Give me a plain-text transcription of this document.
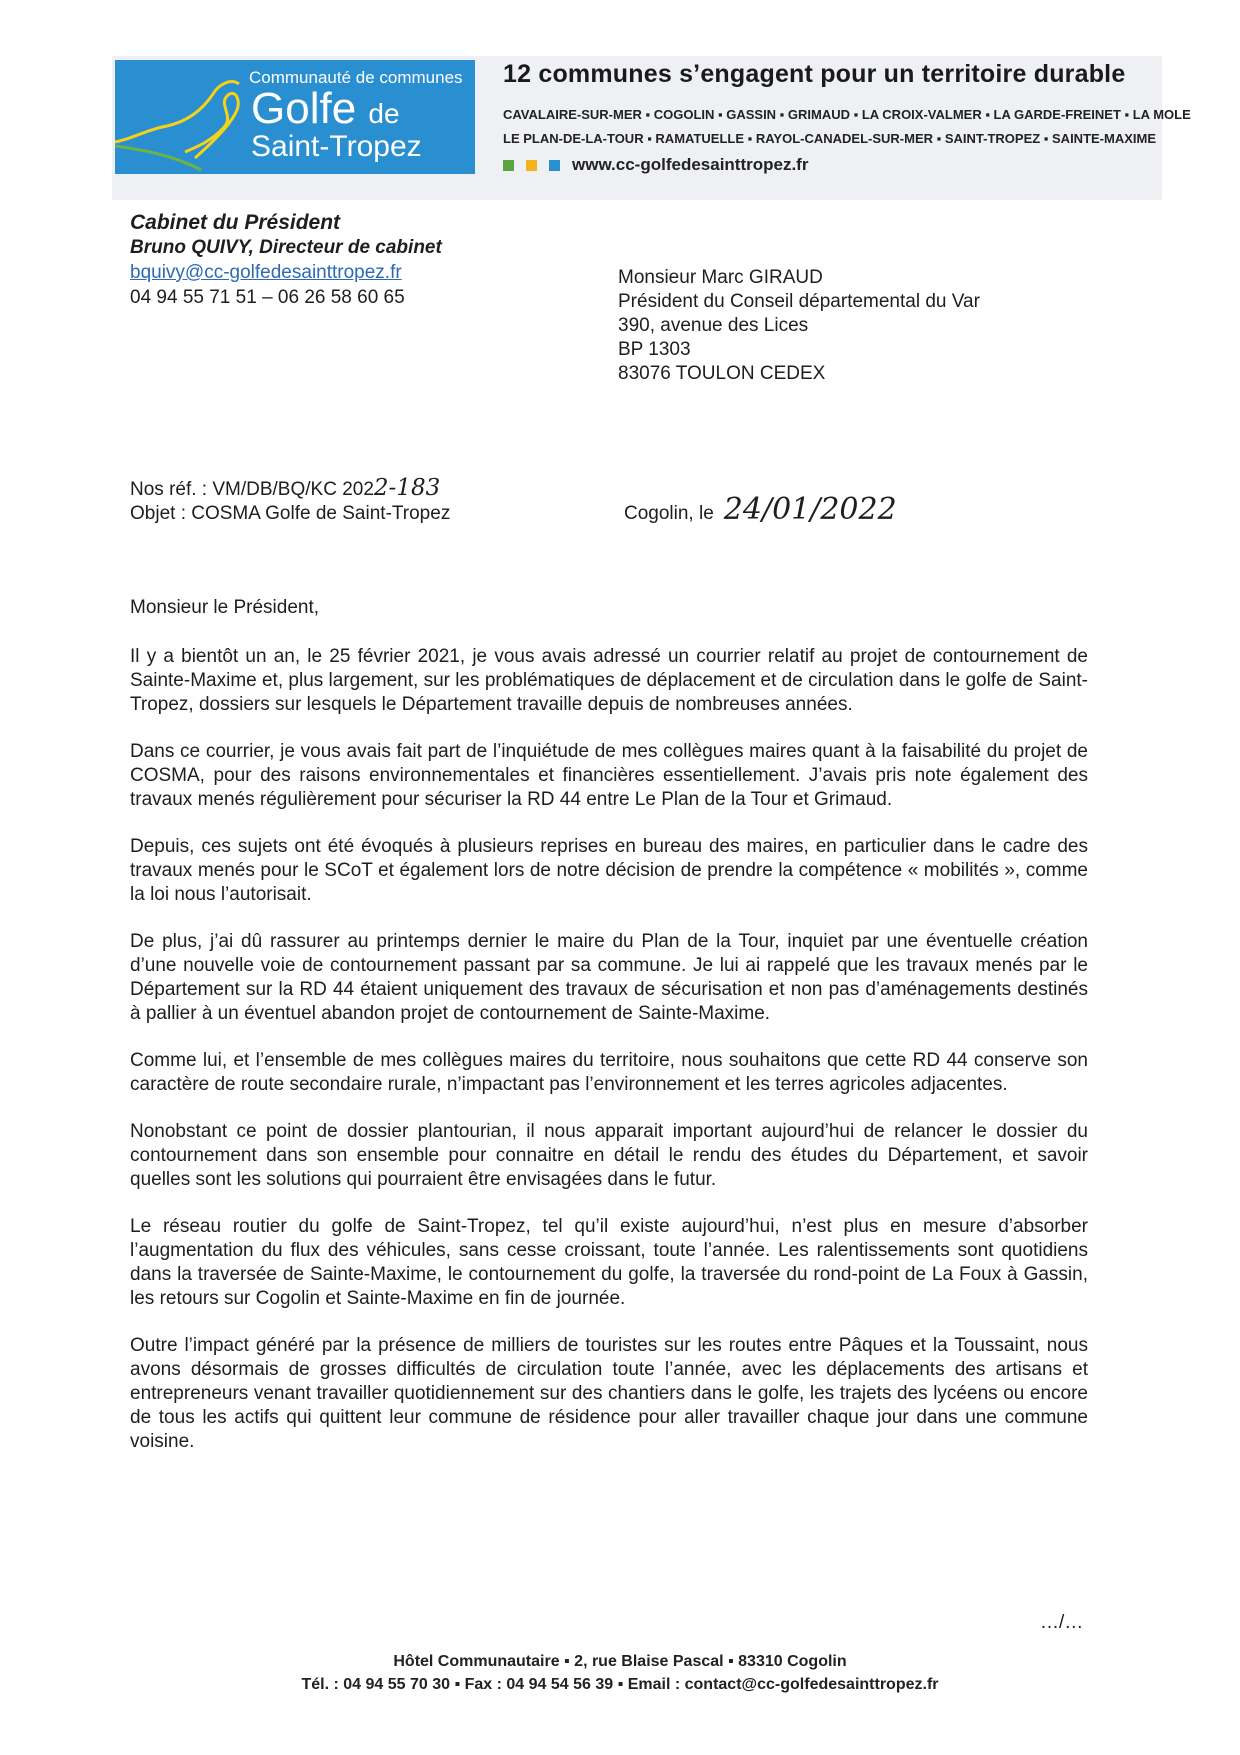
Communauté de communes
Golfe de
Saint-Tropez
12 communes s’engagent pour un territoire durable
CAVALAIRE-SUR-MER ▪ COGOLIN ▪ GASSIN ▪ GRIMAUD ▪ LA CROIX-VALMER ▪ LA GARDE-FREINET ▪ LA MOLE
LE PLAN-DE-LA-TOUR ▪ RAMATUELLE ▪ RAYOL-CANADEL-SUR-MER ▪ SAINT-TROPEZ ▪ SAINTE-MAXIME
www.cc-golfedesainttropez.fr
Cabinet du Président
Bruno QUIVY, Directeur de cabinet
bquivy@cc-golfedesainttropez.fr
04 94 55 71 51 – 06 26 58 60 65
Monsieur Marc GIRAUD
Président du Conseil départemental du Var
390, avenue des Lices
BP 1303
83076 TOULON CEDEX
Nos réf. : VM/DB/BQ/KC 2022-183
Objet : COSMA Golfe de Saint-Tropez	Cogolin, le 24/01/2022
Monsieur le Président,

Il y a bientôt un an, le 25 février 2021, je vous avais adressé un courrier relatif au projet de contournement de Sainte-Maxime et, plus largement, sur les problématiques de déplacement et de circulation dans le golfe de Saint-Tropez, dossiers sur lesquels le Département travaille depuis de nombreuses années.

Dans ce courrier, je vous avais fait part de l’inquiétude de mes collègues maires quant à la faisabilité du projet de COSMA, pour des raisons environnementales et financières essentiellement. J’avais pris note également des travaux menés régulièrement pour sécuriser la RD 44 entre Le Plan de la Tour et Grimaud.

Depuis, ces sujets ont été évoqués à plusieurs reprises en bureau des maires, en particulier dans le cadre des travaux menés pour le SCoT et également lors de notre décision de prendre la compétence « mobilités », comme la loi nous l’autorisait.

De plus, j’ai dû rassurer au printemps dernier le maire du Plan de la Tour, inquiet par une éventuelle création d’une nouvelle voie de contournement passant par sa commune. Je lui ai rappelé que les travaux menés par le Département sur la RD 44 étaient uniquement des travaux de sécurisation et non pas d’aménagements destinés à pallier à un éventuel abandon projet de contournement de Sainte-Maxime.

Comme lui, et l’ensemble de mes collègues maires du territoire, nous souhaitons que cette RD 44 conserve son caractère de route secondaire rurale, n’impactant pas l’environnement et les terres agricoles adjacentes.

Nonobstant ce point de dossier plantourian, il nous apparait important aujourd’hui de relancer le dossier du contournement dans son ensemble pour connaitre en détail le rendu des études du Département, et savoir quelles sont les solutions qui pourraient être envisagées dans le futur.

Le réseau routier du golfe de Saint-Tropez, tel qu’il existe aujourd’hui, n’est plus en mesure d’absorber l’augmentation du flux des véhicules, sans cesse croissant, toute l’année. Les ralentissements sont quotidiens dans la traversée de Sainte-Maxime, le contournement du golfe, la traversée du rond-point de La Foux à Gassin, les retours sur Cogolin et Sainte-Maxime en fin de journée.

Outre l’impact généré par la présence de milliers de touristes sur les routes entre Pâques et la Toussaint, nous avons désormais de grosses difficultés de circulation toute l’année, avec les déplacements des artisans et entrepreneurs venant travailler quotidiennement sur des chantiers dans le golfe, les trajets des lycéens ou encore de tous les actifs qui quittent leur commune de résidence pour aller travailler chaque jour dans une commune voisine.

…/…
Hôtel Communautaire ▪ 2, rue Blaise Pascal ▪ 83310 Cogolin
Tél. : 04 94 55 70 30 ▪ Fax : 04 94 54 56 39 ▪ Email : contact@cc-golfedesainttropez.fr
